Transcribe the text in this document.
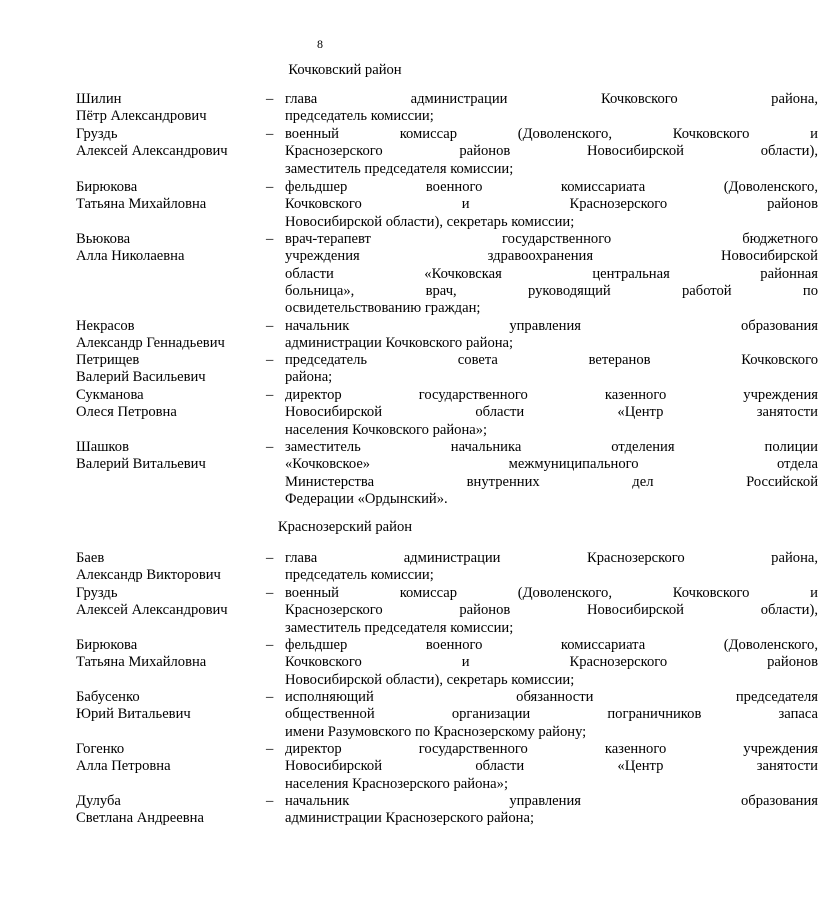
8
Кочковский район
Шилин
Пётр Александрович
– глава администрации Кочковского района,
председатель комиссии;
Груздь
Алексей Александрович
– военный комиссар (Доволенского, Кочковского и
Краснозерского районов Новосибирской области),
заместитель председателя комиссии;
Бирюкова
Татьяна Михайловна
– фельдшер военного комиссариата (Доволенского,
Кочковского и Краснозерского районов
Новосибирской области), секретарь комиссии;
Вьюкова
Алла Николаевна
– врач-терапевт государственного бюджетного
учреждения здравоохранения Новосибирской
области «Кочковская центральная районная
больница», врач, руководящий работой по
освидетельствованию граждан;
Некрасов
Александр Геннадьевич
– начальник управления образования
администрации Кочковского района;
Петрищев
Валерий Васильевич
– председатель совета ветеранов Кочковского
района;
Сукманова
Олеся Петровна
– директор государственного казенного учреждения
Новосибирской области «Центр занятости
населения Кочковского района»;
Шашков
Валерий Витальевич
– заместитель начальника отделения полиции
«Кочковское» межмуниципального отдела
Министерства внутренних дел Российской
Федерации «Ордынский».
Краснозерский район
Баев
Александр Викторович
– глава администрации Краснозерского района,
председатель комиссии;
Груздь
Алексей Александрович
– военный комиссар (Доволенского, Кочковского и
Краснозерского районов Новосибирской области),
заместитель председателя комиссии;
Бирюкова
Татьяна Михайловна
– фельдшер военного комиссариата (Доволенского,
Кочковского и Краснозерского районов
Новосибирской области), секретарь комиссии;
Бабусенко
Юрий Витальевич
– исполняющий обязанности председателя
общественной организации пограничников запаса
имени Разумовского по Краснозерскому району;
Гогенко
Алла Петровна
– директор государственного казенного учреждения
Новосибирской области «Центр занятости
населения Краснозерского района»;
Дулуба
Светлана Андреевна
– начальник управления образования
администрации Краснозерского района;
